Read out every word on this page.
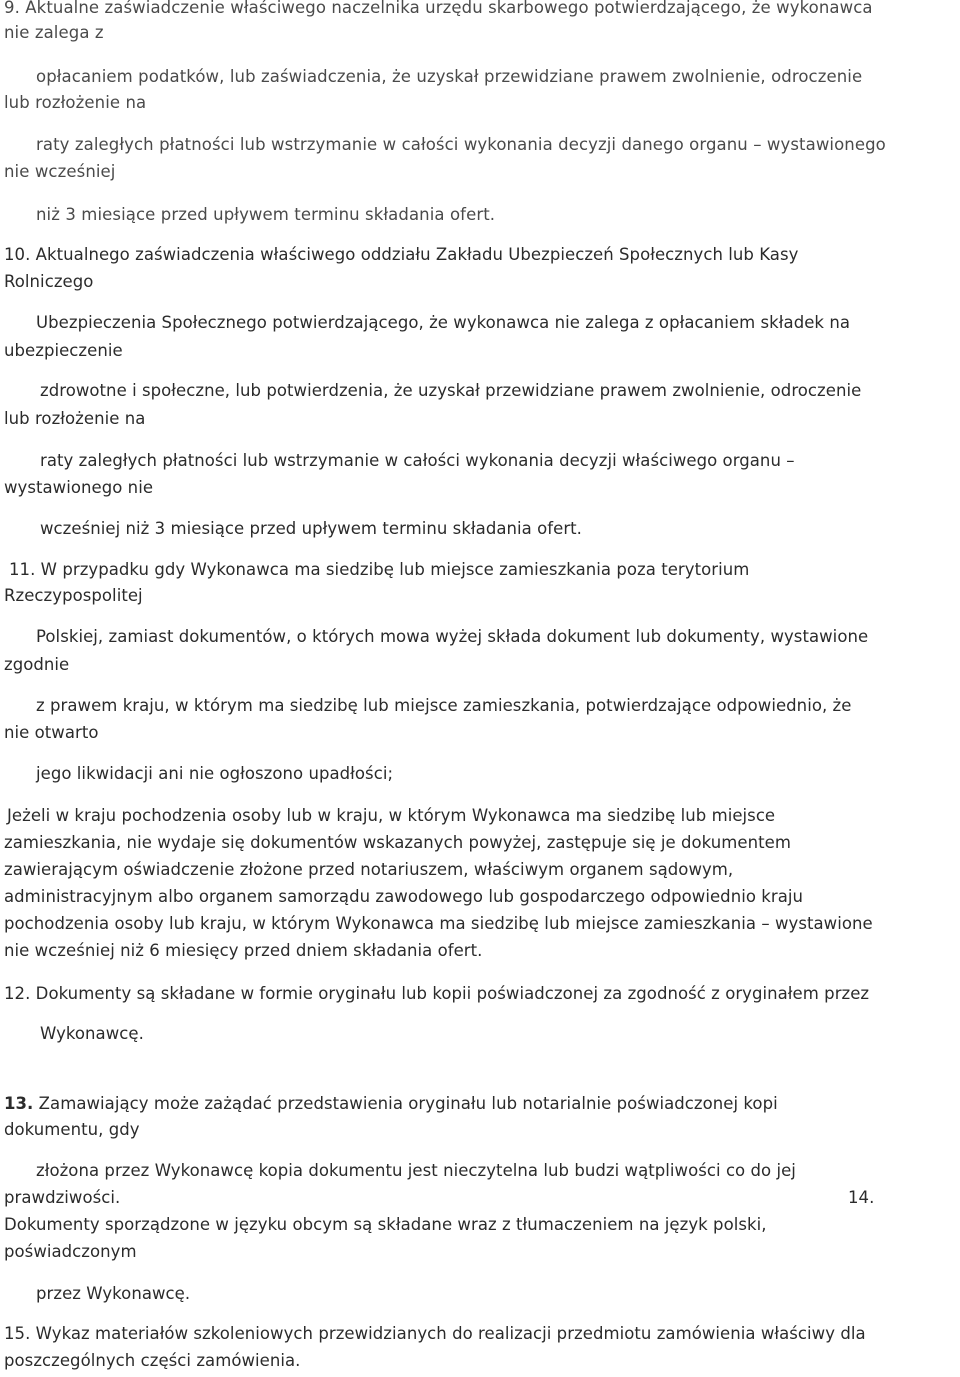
9. Aktualne zaświadczenie właściwego naczelnika urzędu skarbowego potwierdzającego, że wykonawca
nie zalega z
opłacaniem podatków, lub zaświadczenia, że uzyskał przewidziane prawem zwolnienie, odroczenie
lub rozłożenie na
raty zaległych płatności lub wstrzymanie w całości wykonania decyzji danego organu – wystawionego
nie wcześniej
niż 3 miesiące przed upływem terminu składania ofert.
10. Aktualnego zaświadczenia właściwego oddziału Zakładu Ubezpieczeń Społecznych lub Kasy
Rolniczego
Ubezpieczenia Społecznego potwierdzającego, że wykonawca nie zalega z opłacaniem składek na
ubezpieczenie
zdrowotne i społeczne, lub potwierdzenia, że uzyskał przewidziane prawem zwolnienie, odroczenie
lub rozłożenie na
raty zaległych płatności lub wstrzymanie w całości wykonania decyzji właściwego organu –
wystawionego nie
wcześniej niż 3 miesiące przed upływem terminu składania ofert.
11. W przypadku gdy Wykonawca ma siedzibę lub miejsce zamieszkania poza terytorium
Rzeczypospolitej
Polskiej, zamiast dokumentów, o których mowa wyżej składa dokument lub dokumenty, wystawione
zgodnie
z prawem kraju, w którym ma siedzibę lub miejsce zamieszkania, potwierdzające odpowiednio, że
nie otwarto
jego likwidacji ani nie ogłoszono upadłości;
Jeżeli w kraju pochodzenia osoby lub w kraju, w którym Wykonawca ma siedzibę lub miejsce
zamieszkania, nie wydaje się dokumentów wskazanych powyżej, zastępuje się je dokumentem
zawierającym oświadczenie złożone przed notariuszem, właściwym organem sądowym,
administracyjnym albo organem samorządu zawodowego lub gospodarczego odpowiednio kraju
pochodzenia osoby lub kraju, w którym Wykonawca ma siedzibę lub miejsce zamieszkania – wystawione
nie wcześniej niż 6 miesięcy przed dniem składania ofert.
12. Dokumenty są składane w formie oryginału lub kopii poświadczonej za zgodność z oryginałem przez
Wykonawcę.
13. Zamawiający może zażądać przedstawienia oryginału lub notarialnie poświadczonej kopi
dokumentu, gdy
złożona przez Wykonawcę kopia dokumentu jest nieczytelna lub budzi wątpliwości co do jej
prawdziwości.	14.
Dokumenty sporządzone w języku obcym są składane wraz z tłumaczeniem na język polski,
poświadczonym
przez Wykonawcę.
15. Wykaz materiałów szkoleniowych przewidzianych do realizacji przedmiotu zamówienia właściwy dla
poszczególnych części zamówienia.
